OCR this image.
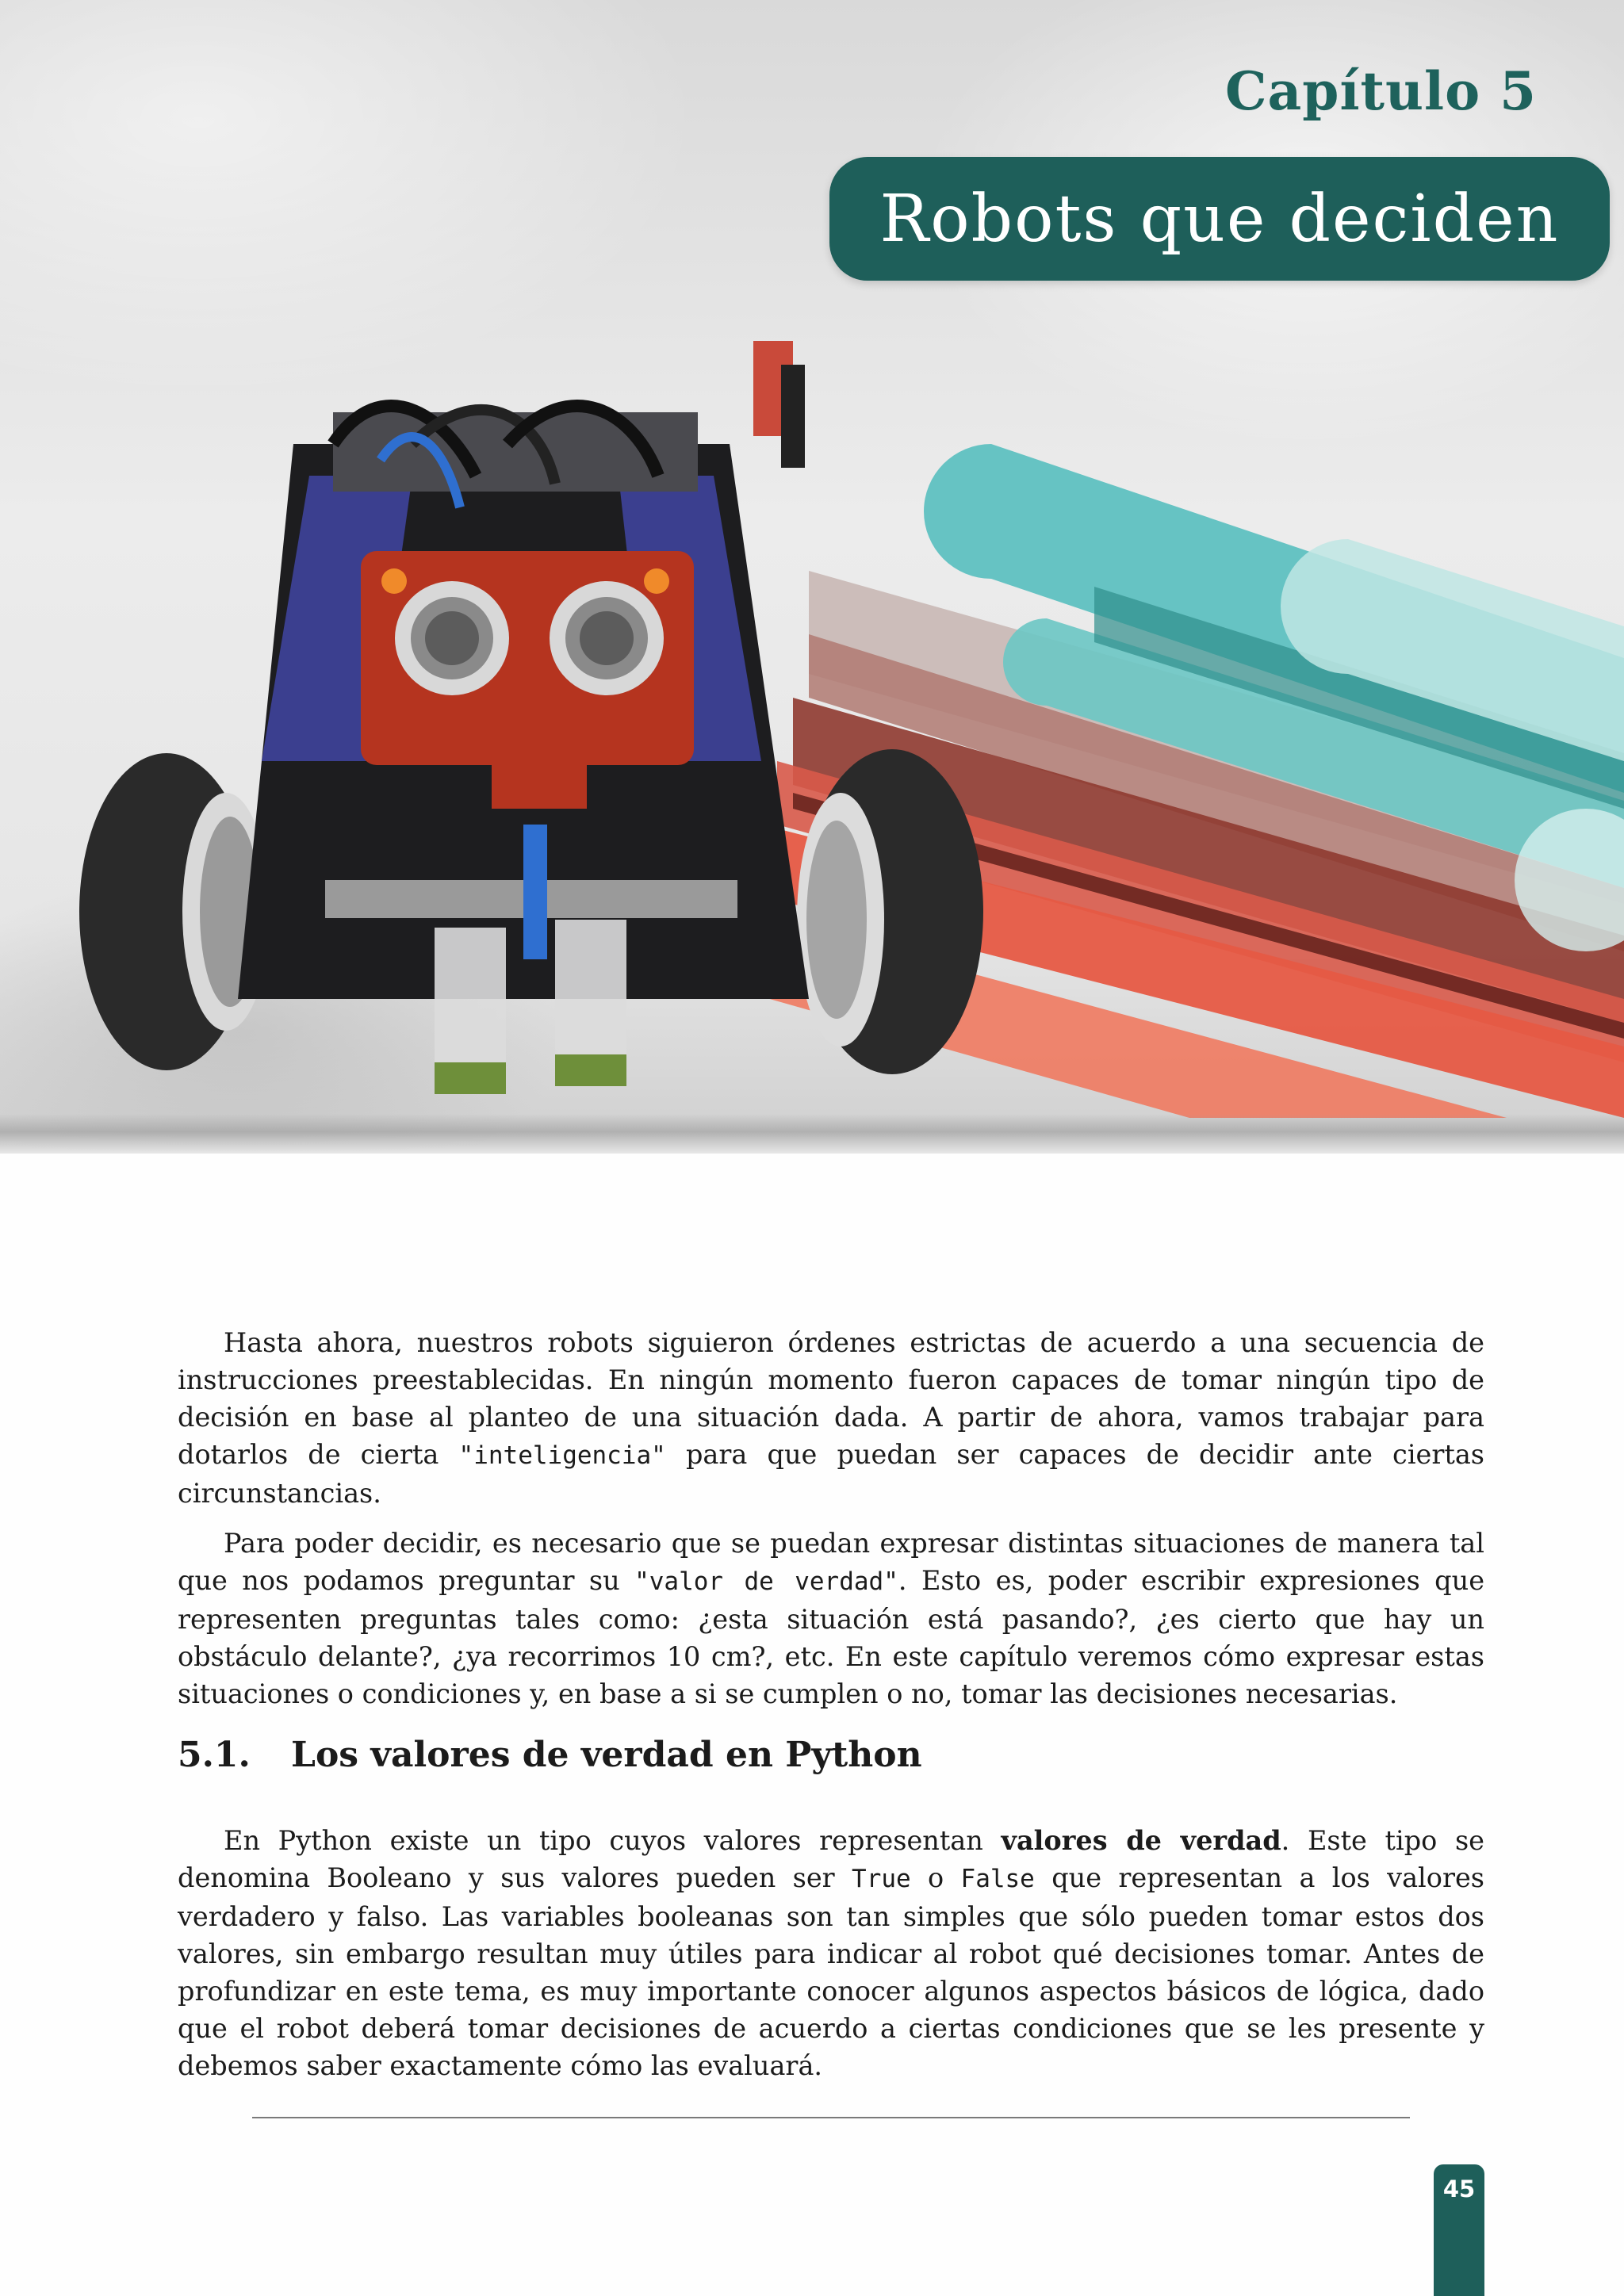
Capítulo 5
Robots que deciden

Hasta ahora, nuestros robots siguieron órdenes estrictas de acuerdo a una secuencia de instrucciones preestablecidas. En ningún momento fueron capaces de tomar ningún tipo de decisión en base al planteo de una situación dada. A partir de ahora, vamos trabajar para dotarlos de cierta "inteligencia" para que puedan ser capaces de decidir ante ciertas circunstancias.

Para poder decidir, es necesario que se puedan expresar distintas situaciones de manera tal que nos podamos preguntar su "valor de verdad". Esto es, poder escribir expresiones que representen preguntas tales como: ¿esta situación está pasando?, ¿es cierto que hay un obstáculo delante?, ¿ya recorrimos 10 cm?, etc. En este capítulo veremos cómo expresar estas situaciones o condiciones y, en base a si se cumplen o no, tomar las decisiones necesarias.

5.1. Los valores de verdad en Python

En Python existe un tipo cuyos valores representan valores de verdad. Este tipo se denomina Booleano y sus valores pueden ser True o False que representan a los valores verdadero y falso. Las variables booleanas son tan simples que sólo pueden tomar estos dos valores, sin embargo resultan muy útiles para indicar al robot qué decisiones tomar. Antes de profundizar en este tema, es muy importante conocer algunos aspectos básicos de lógica, dado que el robot deberá tomar decisiones de acuerdo a ciertas condiciones que se les presente y debemos saber exactamente cómo las evaluará.

45
